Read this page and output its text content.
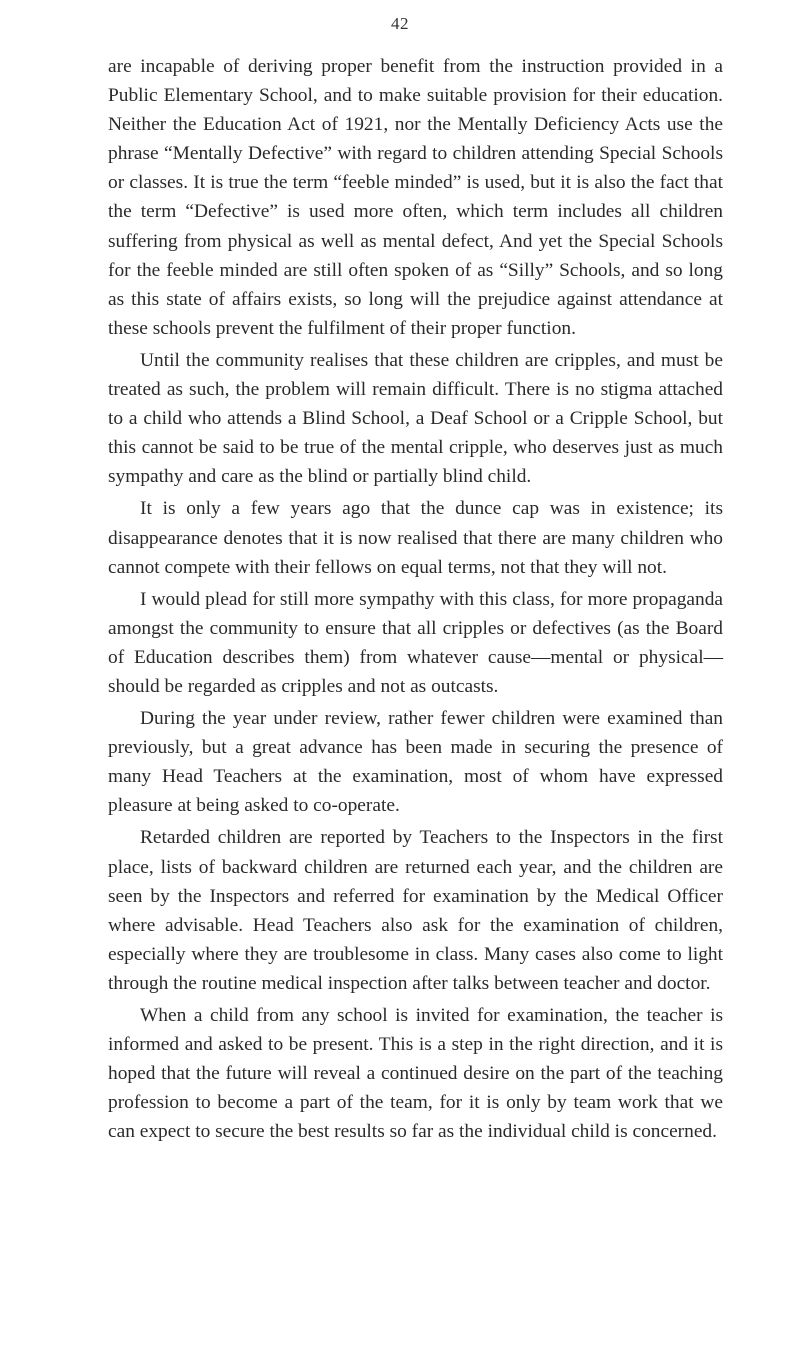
42

are incapable of deriving proper benefit from the instruction provided in a Public Elementary School, and to make suitable provision for their education. Neither the Education Act of 1921, nor the Mentally Deficiency Acts use the phrase “Mentally Defective” with regard to children attending Special Schools or classes. It is true the term “feeble minded” is used, but it is also the fact that the term “Defective” is used more often, which term includes all children suffering from physical as well as mental defect, And yet the Special Schools for the feeble minded are still often spoken of as “Silly” Schools, and so long as this state of affairs exists, so long will the prejudice against attendance at these schools prevent the fulfilment of their proper function.

Until the community realises that these children are cripples, and must be treated as such, the problem will remain difficult. There is no stigma attached to a child who attends a Blind School, a Deaf School or a Cripple School, but this cannot be said to be true of the mental cripple, who deserves just as much sympathy and care as the blind or partially blind child.

It is only a few years ago that the dunce cap was in existence; its disappearance denotes that it is now realised that there are many children who cannot compete with their fellows on equal terms, not that they will not.

I would plead for still more sympathy with this class, for more propaganda amongst the community to ensure that all cripples or defectives (as the Board of Education describes them) from whatever cause—mental or physical—should be regarded as cripples and not as outcasts.

During the year under review, rather fewer children were examined than previously, but a great advance has been made in securing the presence of many Head Teachers at the examination, most of whom have expressed pleasure at being asked to co-operate.

Retarded children are reported by Teachers to the Inspectors in the first place, lists of backward children are returned each year, and the children are seen by the Inspectors and referred for examination by the Medical Officer where advisable. Head Teachers also ask for the examination of children, especially where they are troublesome in class. Many cases also come to light through the routine medical inspection after talks between teacher and doctor.

When a child from any school is invited for examination, the teacher is informed and asked to be present. This is a step in the right direction, and it is hoped that the future will reveal a continued desire on the part of the teaching profession to become a part of the team, for it is only by team work that we can expect to secure the best results so far as the individual child is concerned.
